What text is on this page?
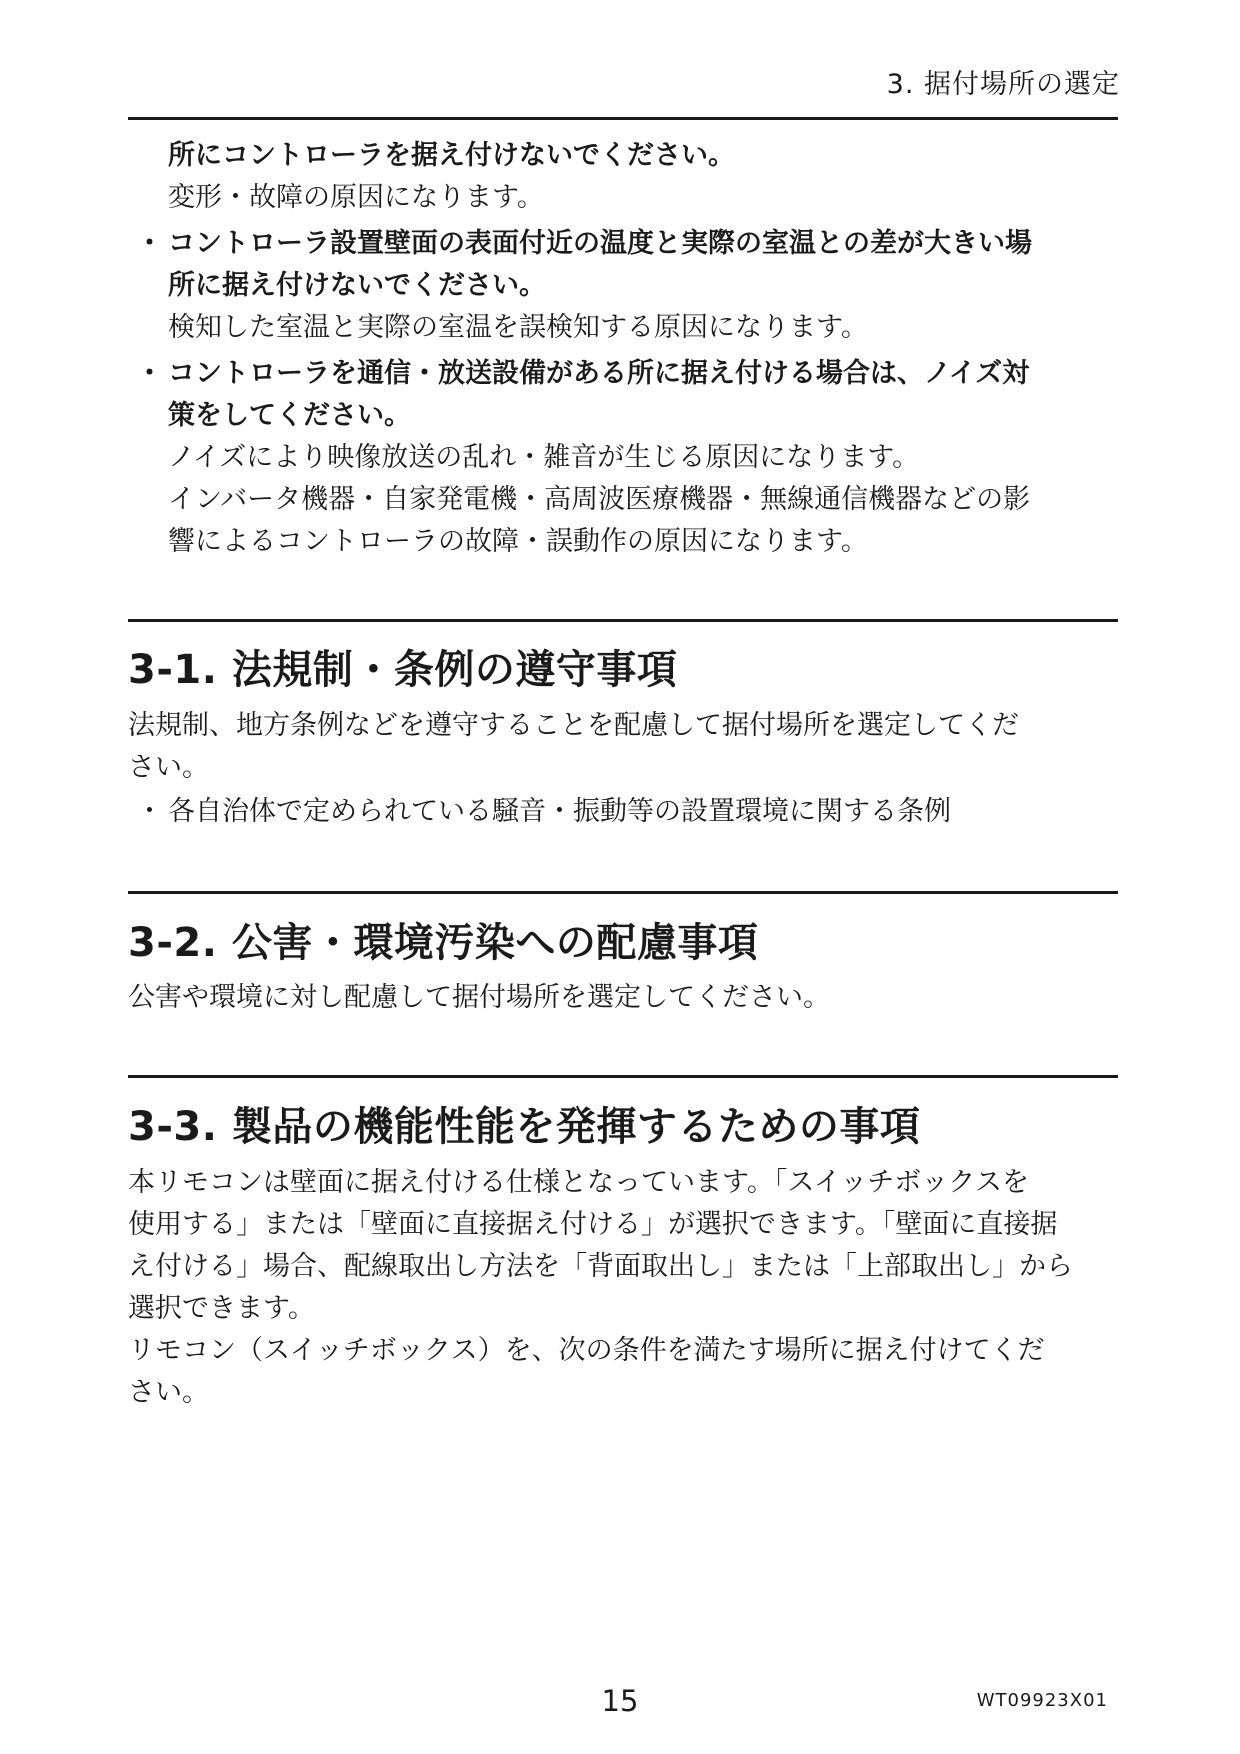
3. 据付場所の選定
所にコントローラを据え付けないでください。
変形・故障の原因になります。
・ コントローラ設置壁面の表面付近の温度と実際の室温との差が大きい場
所に据え付けないでください。
検知した室温と実際の室温を誤検知する原因になります。
・ コントローラを通信・放送設備がある所に据え付ける場合は、ノイズ対
策をしてください。
ノイズにより映像放送の乱れ・雑音が生じる原因になります。
インバータ機器・自家発電機・高周波医療機器・無線通信機器などの影
響によるコントローラの故障・誤動作の原因になります。
3-1. 法規制・条例の遵守事項
法規制、地方条例などを遵守することを配慮して据付場所を選定してくだ
さい。
・ 各自治体で定められている騒音・振動等の設置環境に関する条例
3-2. 公害・環境汚染への配慮事項
公害や環境に対し配慮して据付場所を選定してください。
3-3. 製品の機能性能を発揮するための事項
本リモコンは壁面に据え付ける仕様となっています。「スイッチボックスを
使用する」または「壁面に直接据え付ける」が選択できます。「壁面に直接据
え付ける」場合、配線取出し方法を「背面取出し」または「上部取出し」から
選択できます。
リモコン（スイッチボックス）を、次の条件を満たす場所に据え付けてくだ
さい。
15	WT09923X01
